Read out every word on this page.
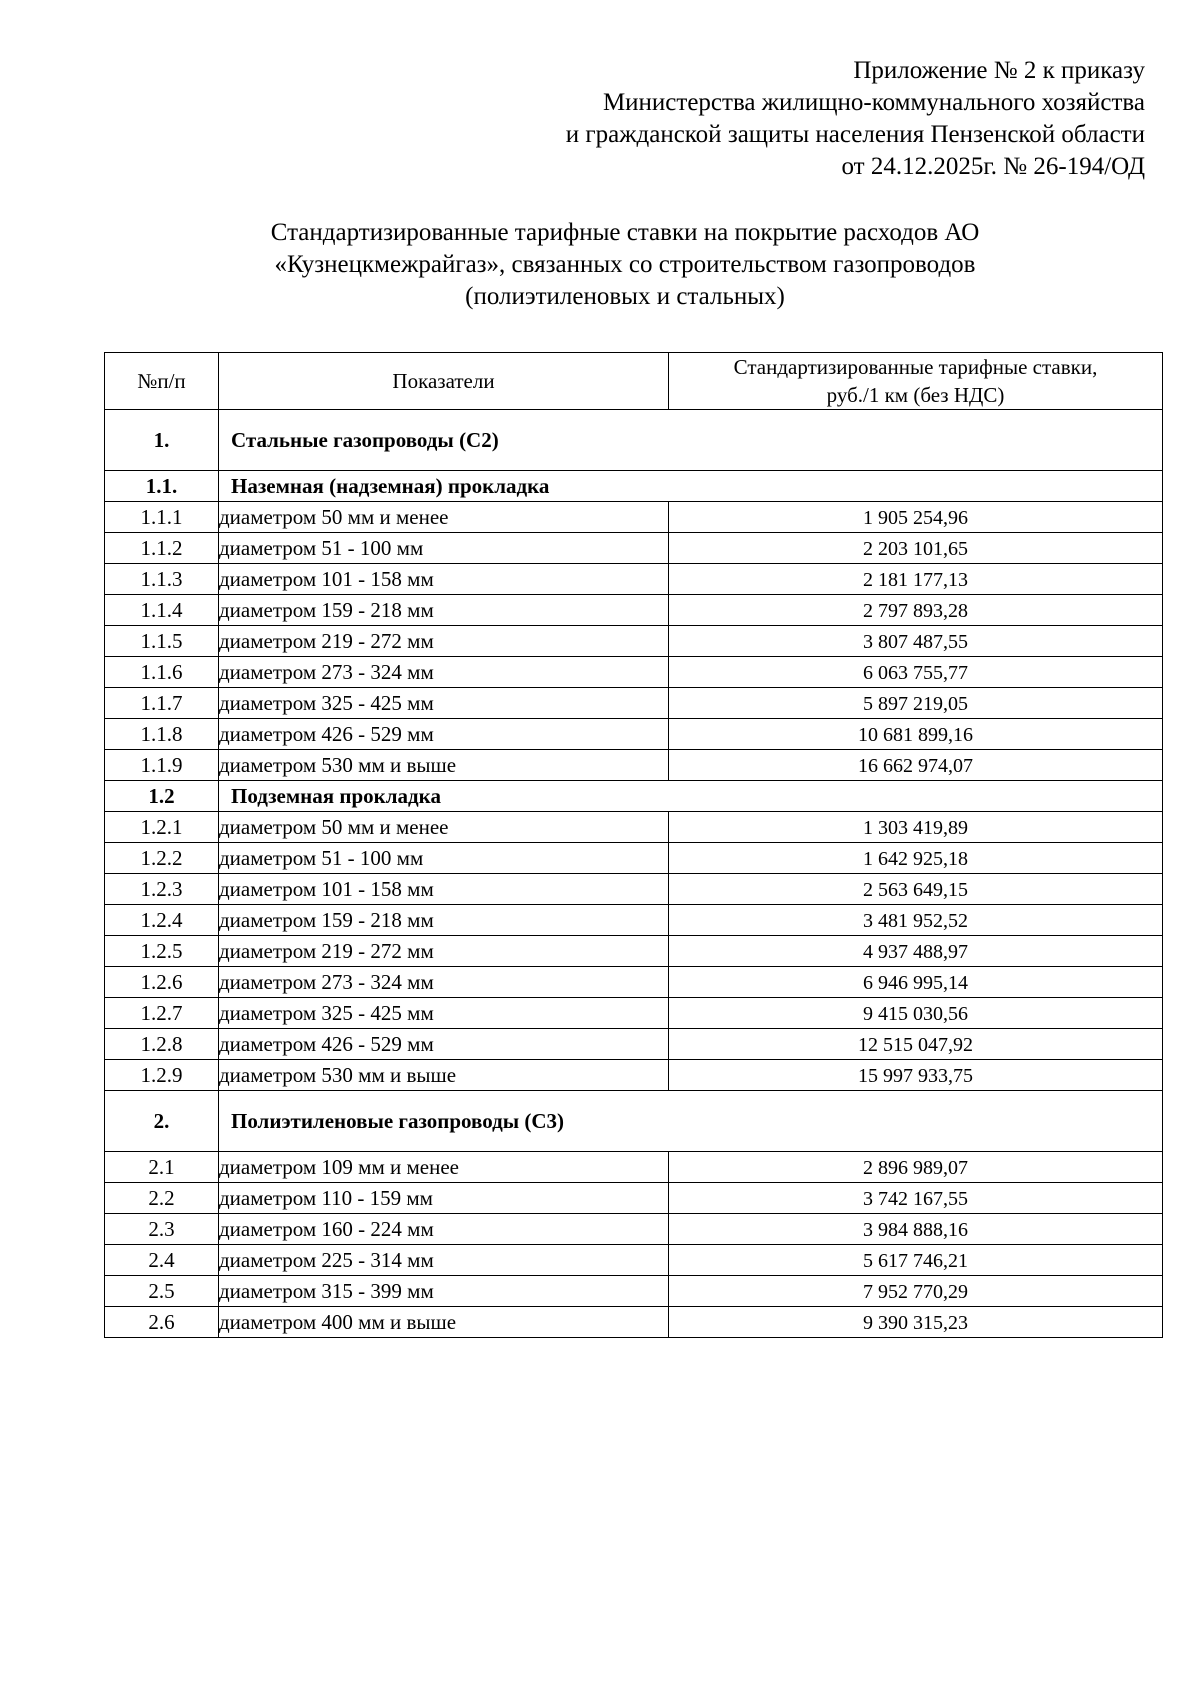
Приложение № 2 к приказу
Министерства жилищно-коммунального хозяйства
и гражданской защиты населения Пензенской области
от 24.12.2025г. № 26-194/ОД
Стандартизированные тарифные ставки на покрытие расходов АО
«Кузнецкмежрайгаз», связанных со строительством газопроводов
(полиэтиленовых и стальных)
№п/п	Показатели	Стандартизированные тарифные ставки,
руб./1 км (без НДС)

1.	Стальные газопроводы (С2)	
1.1.	Наземная (надземная) прокладка	
1.1.1	диаметром 50 мм и менее	1 905 254,96
1.1.2	диаметром 51 - 100 мм	2 203 101,65
1.1.3	диаметром 101 - 158 мм	2 181 177,13
1.1.4	диаметром 159 - 218 мм	2 797 893,28
1.1.5	диаметром 219 - 272 мм	3 807 487,55
1.1.6	диаметром 273 - 324 мм	6 063 755,77
1.1.7	диаметром 325 - 425 мм	5 897 219,05
1.1.8	диаметром 426 - 529 мм	10 681 899,16
1.1.9	диаметром 530 мм и выше	16 662 974,07
1.2	Подземная прокладка	
1.2.1	диаметром 50 мм и менее	1 303 419,89
1.2.2	диаметром 51 - 100 мм	1 642 925,18
1.2.3	диаметром 101 - 158 мм	2 563 649,15
1.2.4	диаметром 159 - 218 мм	3 481 952,52
1.2.5	диаметром 219 - 272 мм	4 937 488,97
1.2.6	диаметром 273 - 324 мм	6 946 995,14
1.2.7	диаметром 325 - 425 мм	9 415 030,56
1.2.8	диаметром 426 - 529 мм	12 515 047,92
1.2.9	диаметром 530 мм и выше	15 997 933,75
2.	Полиэтиленовые газопроводы (С3)	
2.1	диаметром 109 мм и менее	2 896 989,07
2.2	диаметром 110 - 159 мм	3 742 167,55
2.3	диаметром 160 - 224 мм	3 984 888,16
2.4	диаметром 225 - 314 мм	5 617 746,21
2.5	диаметром 315 - 399 мм	7 952 770,29
2.6	диаметром 400 мм и выше	9 390 315,23
